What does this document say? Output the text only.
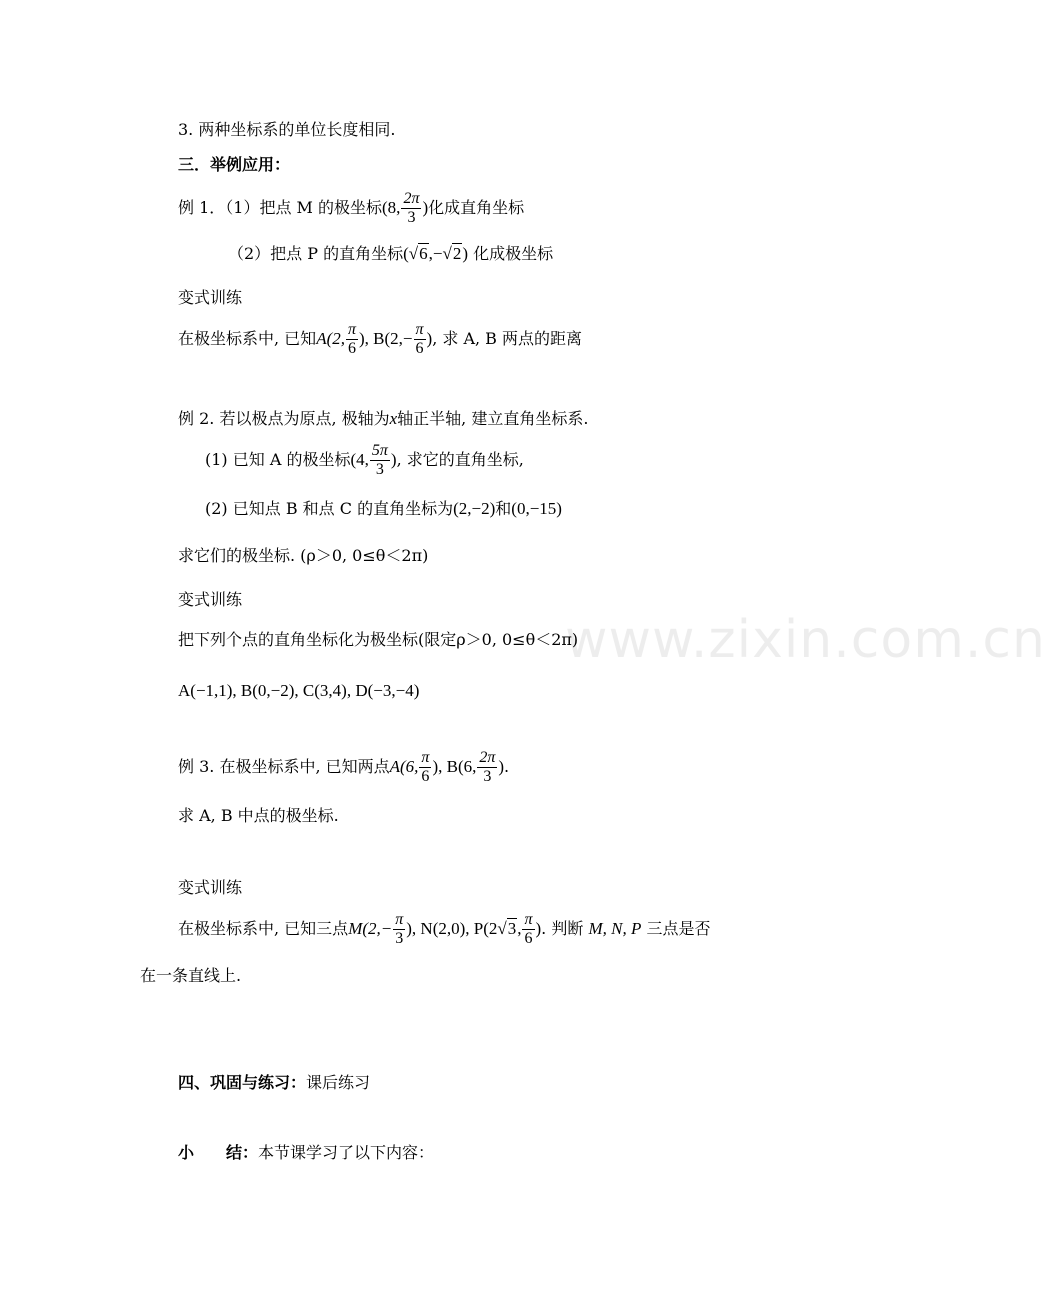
www.zixin.com.cn
3. 两种坐标系的单位长度相同.
三．举例应用：
例 1．（1）把点 M 的极坐标(8, $\frac{2\pi}{3}$ )化成直角坐标
（2）把点 P 的直角坐标(√6,−√2) 化成极坐标
变式训练
在极坐标系中, 已知A(2, $\frac{\pi}{6}$ ), $B(2,- \frac{\pi}{6}$ ), 求 A, B 两点的距离
例 2. 若以极点为原点, 极轴为x轴正半轴, 建立直角坐标系.
(1) 已知 A 的极坐标(4, $\frac{5\pi}{3}$ ), 求它的直角坐标,
(2) 已知点 B 和点 C 的直角坐标为(2,−2)和(0,−15)
求它们的极坐标. (ρ＞0, 0≤θ＜2π)
变式训练
把下列个点的直角坐标化为极坐标(限定ρ＞0, 0≤θ＜2π)
A(−1,1), B(0,−2), C(3,4), D(−3,−4)
例 3. 在极坐标系中, 已知两点A(6, $\frac{\pi}{6}$ ), B(6, $\frac{2\pi}{3}$ ).
求 A, B 中点的极坐标.
变式训练
在极坐标系中, 已知三点$M(2,- \frac{\pi}{3}$ ), N(2,0), P(2√3, $\frac{\pi}{6}$ ). 判断 M, N, P 三点是否
在一条直线上.
四、巩固与练习：课后练习
小　　结：本节课学习了以下内容：
